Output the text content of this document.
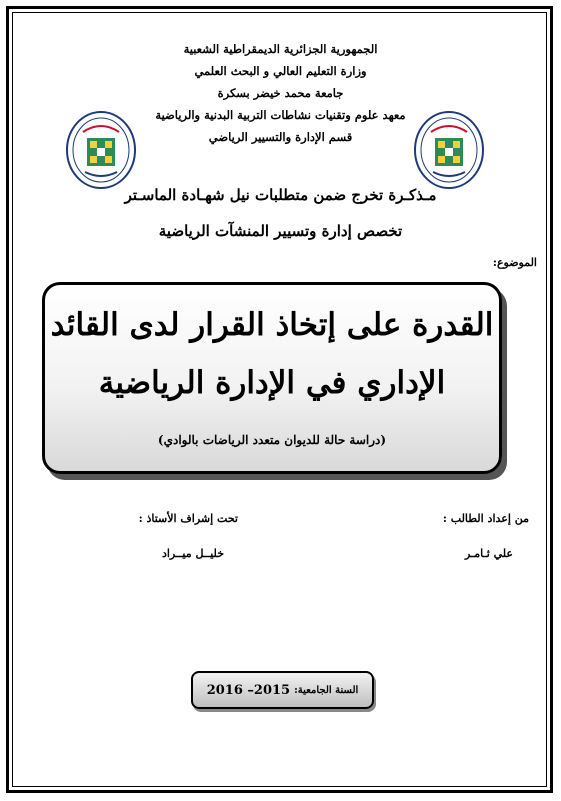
الجمهورية الجزائرية الديمقراطية الشعبية
وزارة التعليم العالي و البحث العلمي
جامعة محمد خيضر بسكرة
معهد علوم وتقنيات نشاطات التربية البدنية والرياضية
قسم الإدارة والتسيير الرياضي
مـذكـرة تخرج ضمن متطلبات نيل شهـادة الماسـتر
تخصص إدارة وتسيير المنشآت الرياضية
الموضوع:
القدرة على إتخاذ القرار لدى القائد
الإداري في الإدارة الرياضية
(دراسة حالة للديوان متعدد الرياضات بالوادي)
من إعداد الطالب :
تحت إشراف الأستاذ :
علي ثـامـر
خليــل ميــراد
السنة الجامعية:
2015– 2016
